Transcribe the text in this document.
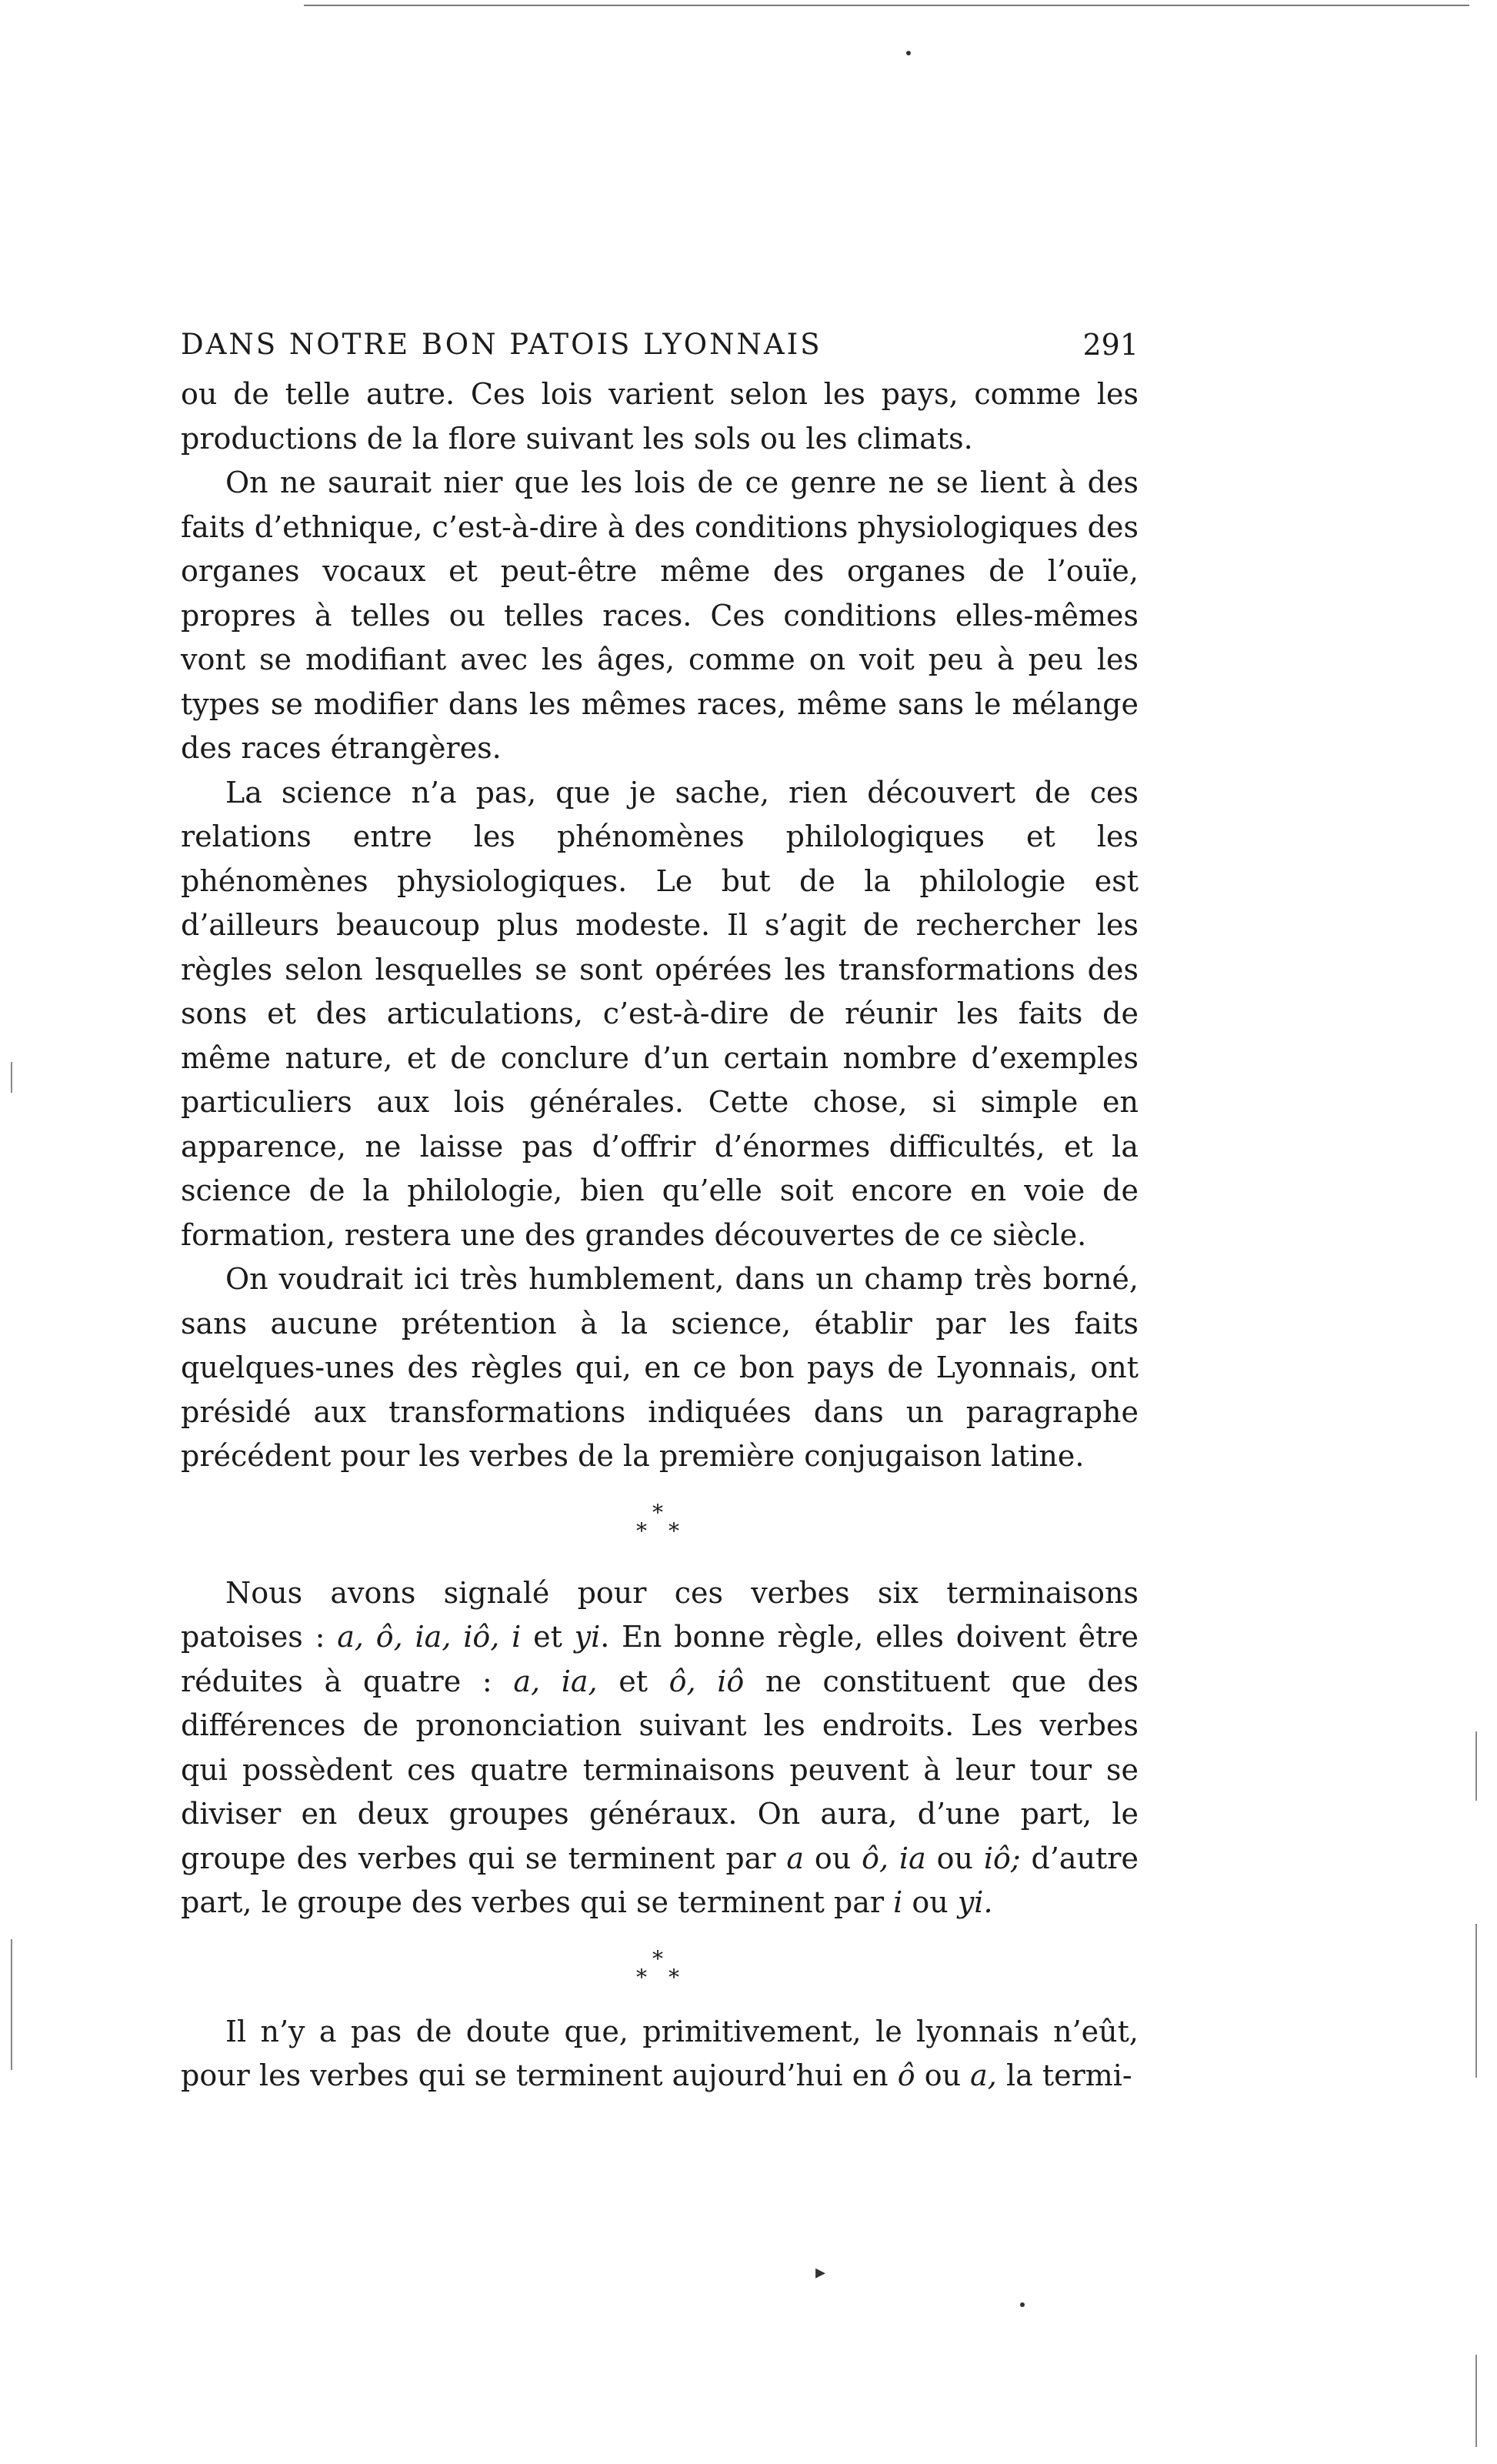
DANS NOTRE BON PATOIS LYONNAIS	291

ou de telle autre. Ces lois varient selon les pays, comme les productions de la flore suivant les sols ou les climats.

On ne saurait nier que les lois de ce genre ne se lient à des faits d’ethnique, c’est-à-dire à des conditions physiologiques des organes vocaux et peut-être même des organes de l’ouïe, propres à telles ou telles races. Ces conditions elles-mêmes vont se modifiant avec les âges, comme on voit peu à peu les types se modifier dans les mêmes races, même sans le mélange des races étrangères.

La science n’a pas, que je sache, rien découvert de ces relations entre les phénomènes philologiques et les phénomènes physiologiques. Le but de la philologie est d’ailleurs beaucoup plus modeste. Il s’agit de rechercher les règles selon lesquelles se sont opérées les transformations des sons et des articulations, c’est-à-dire de réunir les faits de même nature, et de conclure d’un certain nombre d’exemples particuliers aux lois générales. Cette chose, si simple en apparence, ne laisse pas d’offrir d’énormes difficultés, et la science de la philologie, bien qu’elle soit encore en voie de formation, restera une des grandes découvertes de ce siècle.

On voudrait ici très humblement, dans un champ très borné, sans aucune prétention à la science, établir par les faits quelques-unes des règles qui, en ce bon pays de Lyonnais, ont présidé aux transformations indiquées dans un paragraphe précédent pour les verbes de la première conjugaison latine.

*
* *

Nous avons signalé pour ces verbes six terminaisons patoises : a, ô, ia, iô, i et yi. En bonne règle, elles doivent être réduites à quatre : a, ia, et ô, iô ne constituent que des différences de prononciation suivant les endroits. Les verbes qui possèdent ces quatre terminaisons peuvent à leur tour se diviser en deux groupes généraux. On aura, d’une part, le groupe des verbes qui se terminent par a ou ô, ia ou iô; d’autre part, le groupe des verbes qui se terminent par i ou yi.

*
* *

Il n’y a pas de doute que, primitivement, le lyonnais n’eût, pour les verbes qui se terminent aujourd’hui en ô ou a, la termi-

▸
